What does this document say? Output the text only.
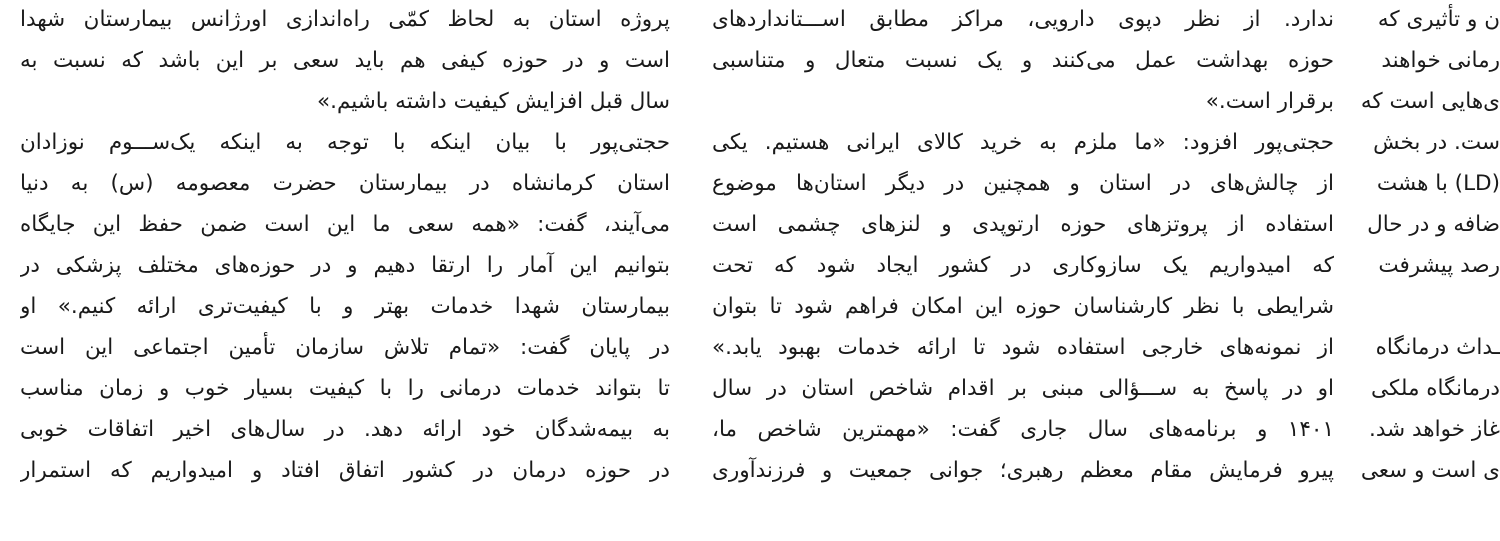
پروژه استان به لحاظ کمّی راه‌اندازی اورژانس بیمارستان شهدا
است و در حوزه کیفی هم باید سعی بر این باشد که نسبت به
سال قبل افزایش کیفیت داشته باشیم.»
حجتی‌پور با بیان اینکه با توجه به اینکه یک‌ســـوم نوزادان
استان کرمانشاه در بیمارستان حضرت معصومه (س) به دنیا
می‌آیند، گفت: «همه سعی ما این است ضمن حفظ این جایگاه
بتوانیم این آمار را ارتقا دهیم و در حوزه‌های مختلف پزشکی در
بیمارستان شهدا خدمات بهتر و با کیفیت‌تری ارائه کنیم.» او
در پایان گفت: «تمام تلاش سازمان تأمین اجتماعی این است
تا بتواند خدمات درمانی را با کیفیت بسیار خوب و زمان مناسب
به بیمه‌شدگان خود ارائه دهد. در سال‌های اخیر اتفاقات خوبی
در حوزه درمان در کشور اتفاق افتاد و امیدواریم که استمرار
ندارد. از نظر دپوی دارویی، مراکز مطابق اســـتانداردهای
حوزه بهداشت عمل می‌کنند و یک نسبت متعال و متناسبی
برقرار است.»
حجتی‌پور افزود: «ما ملزم به خرید کالای ایرانی هستیم. یکی
از چالش‌های در استان و همچنین در دیگر استان‌ها موضوع
استفاده از پروتزهای حوزه ارتوپدی و لنزهای چشمی است
که امیدواریم یک سازوکاری در کشور ایجاد شود که تحت
شرایطی با نظر کارشناسان حوزه این امکان فراهم شود تا بتوان
از نمونه‌های خارجی استفاده شود تا ارائه خدمات بهبود یابد.»
او در پاسخ به ســـؤالی مبنی بر اقدام شاخص استان در سال
۱۴۰۱ و برنامه‌های سال جاری گفت: «مهمترین شاخص ما،
پیرو فرمایش مقام معظم رهبری؛ جوانی جمعیت و فرزندآوری
ن و تأثیری که
رمانی خواهند
ی‌هایی است که
ست. در بخش
(LD) با هشت
ضافه و در حال
رصد پیشرفت
ـداث درمانگاه
درمانگاه ملکی
غاز خواهد شد.
ی است و سعی
